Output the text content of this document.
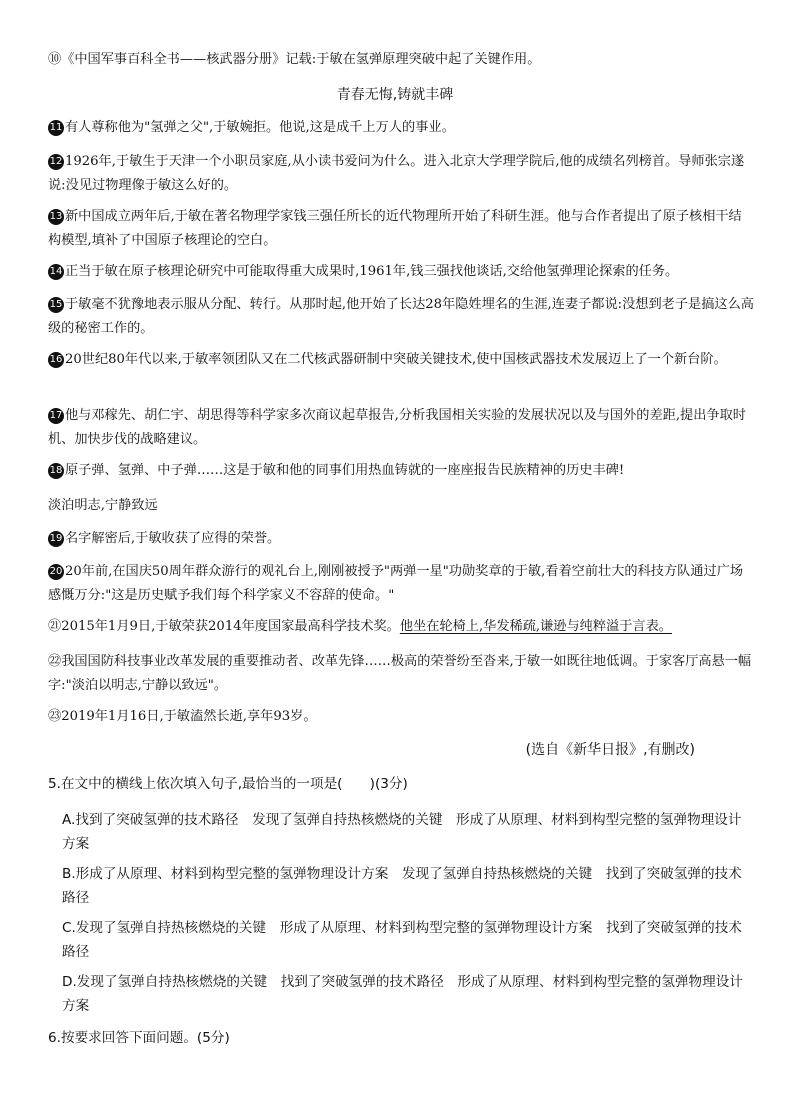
⑩《中国军事百科全书——核武器分册》记载:于敏在氢弹原理突破中起了关键作用。

青春无悔,铸就丰碑

11 有人尊称他为"氢弹之父",于敏婉拒。他说,这是成千上万人的事业。

12 1926年,于敏生于天津一个小职员家庭,从小读书爱问为什么。进入北京大学理学院后,他的成绩名列榜首。导师张宗遂说:没见过物理像于敏这么好的。

13 新中国成立两年后,于敏在著名物理学家钱三强任所长的近代物理所开始了科研生涯。他与合作者提出了原子核相干结构模型,填补了中国原子核理论的空白。

14 正当于敏在原子核理论研究中可能取得重大成果时,1961年,钱三强找他谈话,交给他氢弹理论探索的任务。

15 于敏毫不犹豫地表示服从分配、转行。从那时起,他开始了长达28年隐姓埋名的生涯,连妻子都说:没想到老子是搞这么高级的秘密工作的。

16 20世纪80年代以来,于敏率领团队又在二代核武器研制中突破关键技术,使中国核武器技术发展迈上了一个新台阶。

17 他与邓稼先、胡仁宇、胡思得等科学家多次商议起草报告,分析我国相关实验的发展状况以及与国外的差距,提出争取时机、加快步伐的战略建议。

18 原子弹、氢弹、中子弹……这是于敏和他的同事们用热血铸就的一座座报告民族精神的历史丰碑!

淡泊明志,宁静致远

19 名字解密后,于敏收获了应得的荣誉。

20 20年前,在国庆50周年群众游行的观礼台上,刚刚被授予"两弹一星"功勋奖章的于敏,看着空前壮大的科技方队通过广场感慨万分:"这是历史赋予我们每个科学家义不容辞的使命。"

㉑2015年1月9日,于敏荣获2014年度国家最高科学技术奖。他坐在轮椅上,华发稀疏,谦逊与纯粹溢于言表。

㉒我国国防科技事业改革发展的重要推动者、改革先锋……极高的荣誉纷至沓来,于敏一如既往地低调。于家客厅高悬一幅字:"淡泊以明志,宁静以致远"。

㉓2019年1月16日,于敏溘然长逝,享年93岁。

(选自《新华日报》,有删改)
5.在文中的横线上依次填入句子,最恰当的一项是(　　)(3分)
A.找到了突破氢弹的技术路径　发现了氢弹自持热核燃烧的关键　形成了从原理、材料到构型完整的氢弹物理设计方案
B.形成了从原理、材料到构型完整的氢弹物理设计方案　发现了氢弹自持热核燃烧的关键　找到了突破氢弹的技术路径
C.发现了氢弹自持热核燃烧的关键　形成了从原理、材料到构型完整的氢弹物理设计方案　找到了突破氢弹的技术路径
D.发现了氢弹自持热核燃烧的关键　找到了突破氢弹的技术路径　形成了从原理、材料到构型完整的氢弹物理设计方案
6.按要求回答下面问题。(5分)
